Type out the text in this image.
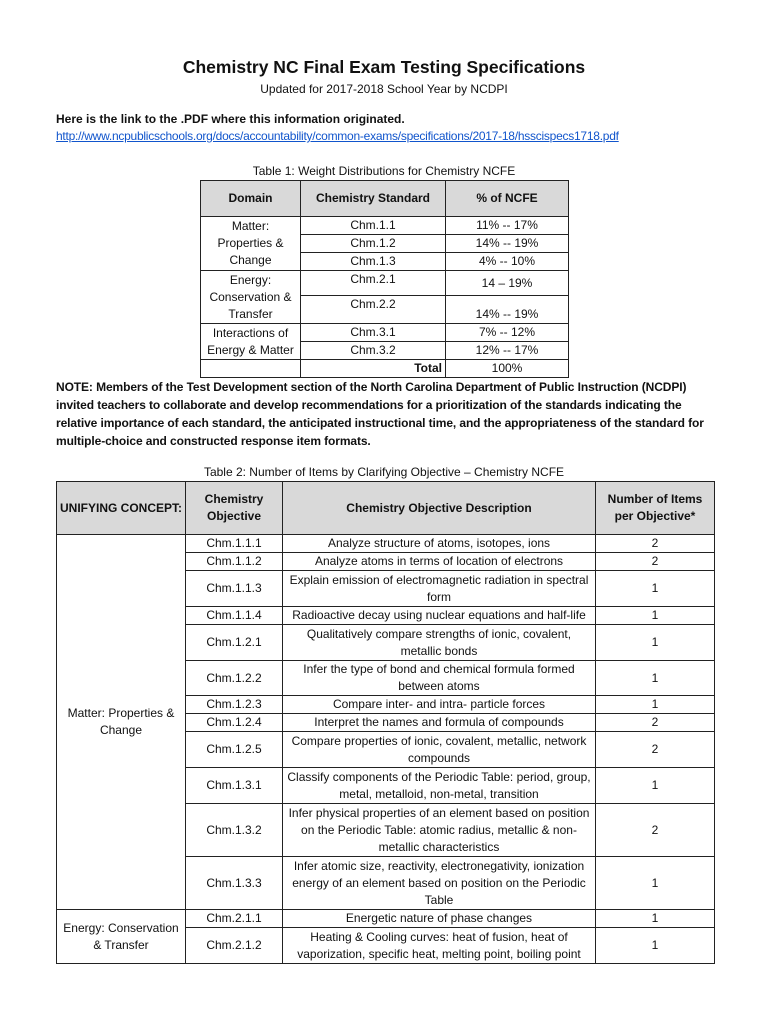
Chemistry NC Final Exam Testing Specifications
Updated for 2017-2018 School Year by NCDPI
Here is the link to the .PDF where this information originated.
http://www.ncpublicschools.org/docs/accountability/common-exams/specifications/2017-18/hsscispecs1718.pdf
Table 1: Weight Distributions for Chemistry NCFE
Domain	Chemistry Standard	% of NCFE
Matter: Properties & Change	Chm.1.1	11% -- 17%
	Chm.1.2	14% -- 19%
	Chm.1.3	4% -- 10%
Energy: Conservation & Transfer	Chm.2.1	14 – 19%
	Chm.2.2	14% -- 19%
Interactions of Energy & Matter	Chm.3.1	7% -- 12%
	Chm.3.2	12% -- 17%
	Total	100%
NOTE: Members of the Test Development section of the North Carolina Department of Public Instruction (NCDPI) invited teachers to collaborate and develop recommendations for a prioritization of the standards indicating the relative importance of each standard, the anticipated instructional time, and the appropriateness of the standard for multiple-choice and constructed response item formats.
Table 2: Number of Items by Clarifying Objective – Chemistry NCFE
UNIFYING CONCEPT:	Chemistry Objective	Chemistry Objective Description	Number of Items per Objective*
Matter: Properties & Change	Chm.1.1.1	Analyze structure of atoms, isotopes, ions	2
	Chm.1.1.2	Analyze atoms in terms of location of electrons	2
	Chm.1.1.3	Explain emission of electromagnetic radiation in spectral form	1
	Chm.1.1.4	Radioactive decay using nuclear equations and half-life	1
	Chm.1.2.1	Qualitatively compare strengths of ionic, covalent, metallic bonds	1
	Chm.1.2.2	Infer the type of bond and chemical formula formed between atoms	1
	Chm.1.2.3	Compare inter- and intra- particle forces	1
	Chm.1.2.4	Interpret the names and formula of compounds	2
	Chm.1.2.5	Compare properties of ionic, covalent, metallic, network compounds	2
	Chm.1.3.1	Classify components of the Periodic Table: period, group, metal, metalloid, non-metal, transition	1
	Chm.1.3.2	Infer physical properties of an element based on position on the Periodic Table: atomic radius, metallic & non-metallic characteristics	2
	Chm.1.3.3	Infer atomic size, reactivity, electronegativity, ionization energy of an element based on position on the Periodic Table	1
Energy: Conservation & Transfer	Chm.2.1.1	Energetic nature of phase changes	1
	Chm.2.1.2	Heating & Cooling curves: heat of fusion, heat of vaporization, specific heat, melting point, boiling point	1
